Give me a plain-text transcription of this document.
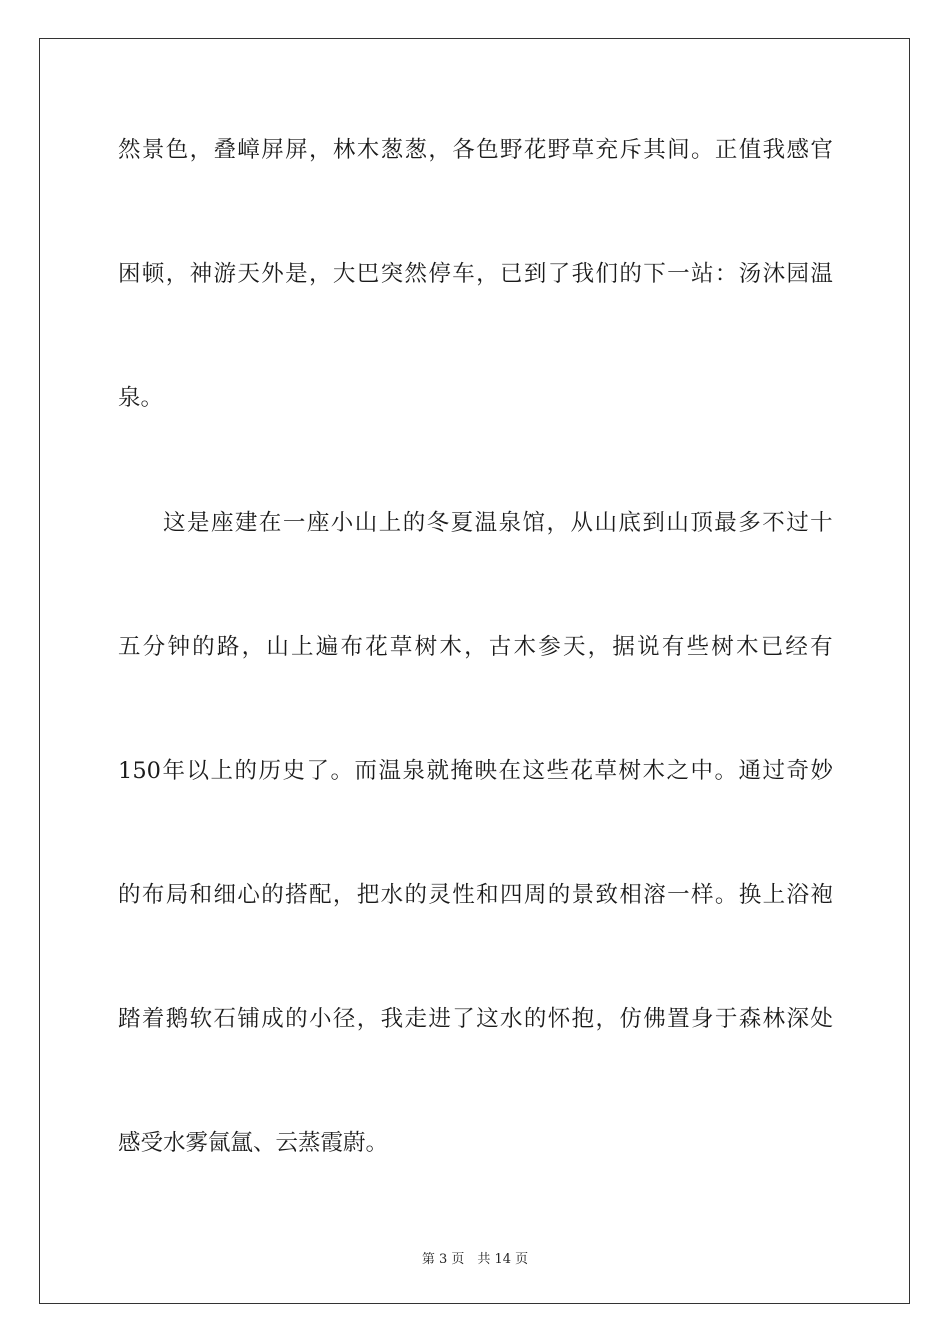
然 景 色 ， 叠 嶂 屏 屏 ， 林 木 葱 葱 ， 各 色 野 花 野 草 充 斥 其 间 。 正 值 我 感 官
困 顿 ， 神 游 天 外 是 ， 大 巴 突 然 停 车 ， 已 到 了 我 们 的 下 一 站 ： 汤 沐 园 温
泉。
这 是 座 建 在 一 座 小 山 上 的 冬 夏 温 泉 馆 ， 从 山 底 到 山 顶 最 多 不 过 十
五 分 钟 的 路 ， 山 上 遍 布 花 草 树 木 ， 古 木 参 天 ， 据 说 有 些 树 木 已 经 有
150 年 以 上 的 历 史 了 。 而 温 泉 就 掩 映 在 这 些 花 草 树 木 之 中 。 通 过 奇 妙
的 布 局 和 细 心 的 搭 配 ， 把 水 的 灵 性 和 四 周 的 景 致 相 溶 一 样 。 换 上 浴 袍
踏 着 鹅 软 石 铺 成 的 小 径 ， 我 走 进 了 这 水 的 怀 抱 ， 仿 佛 置 身 于 森 林 深 处
感受水雾氤氲、云蒸霞蔚。
第 3 页　共 14 页
